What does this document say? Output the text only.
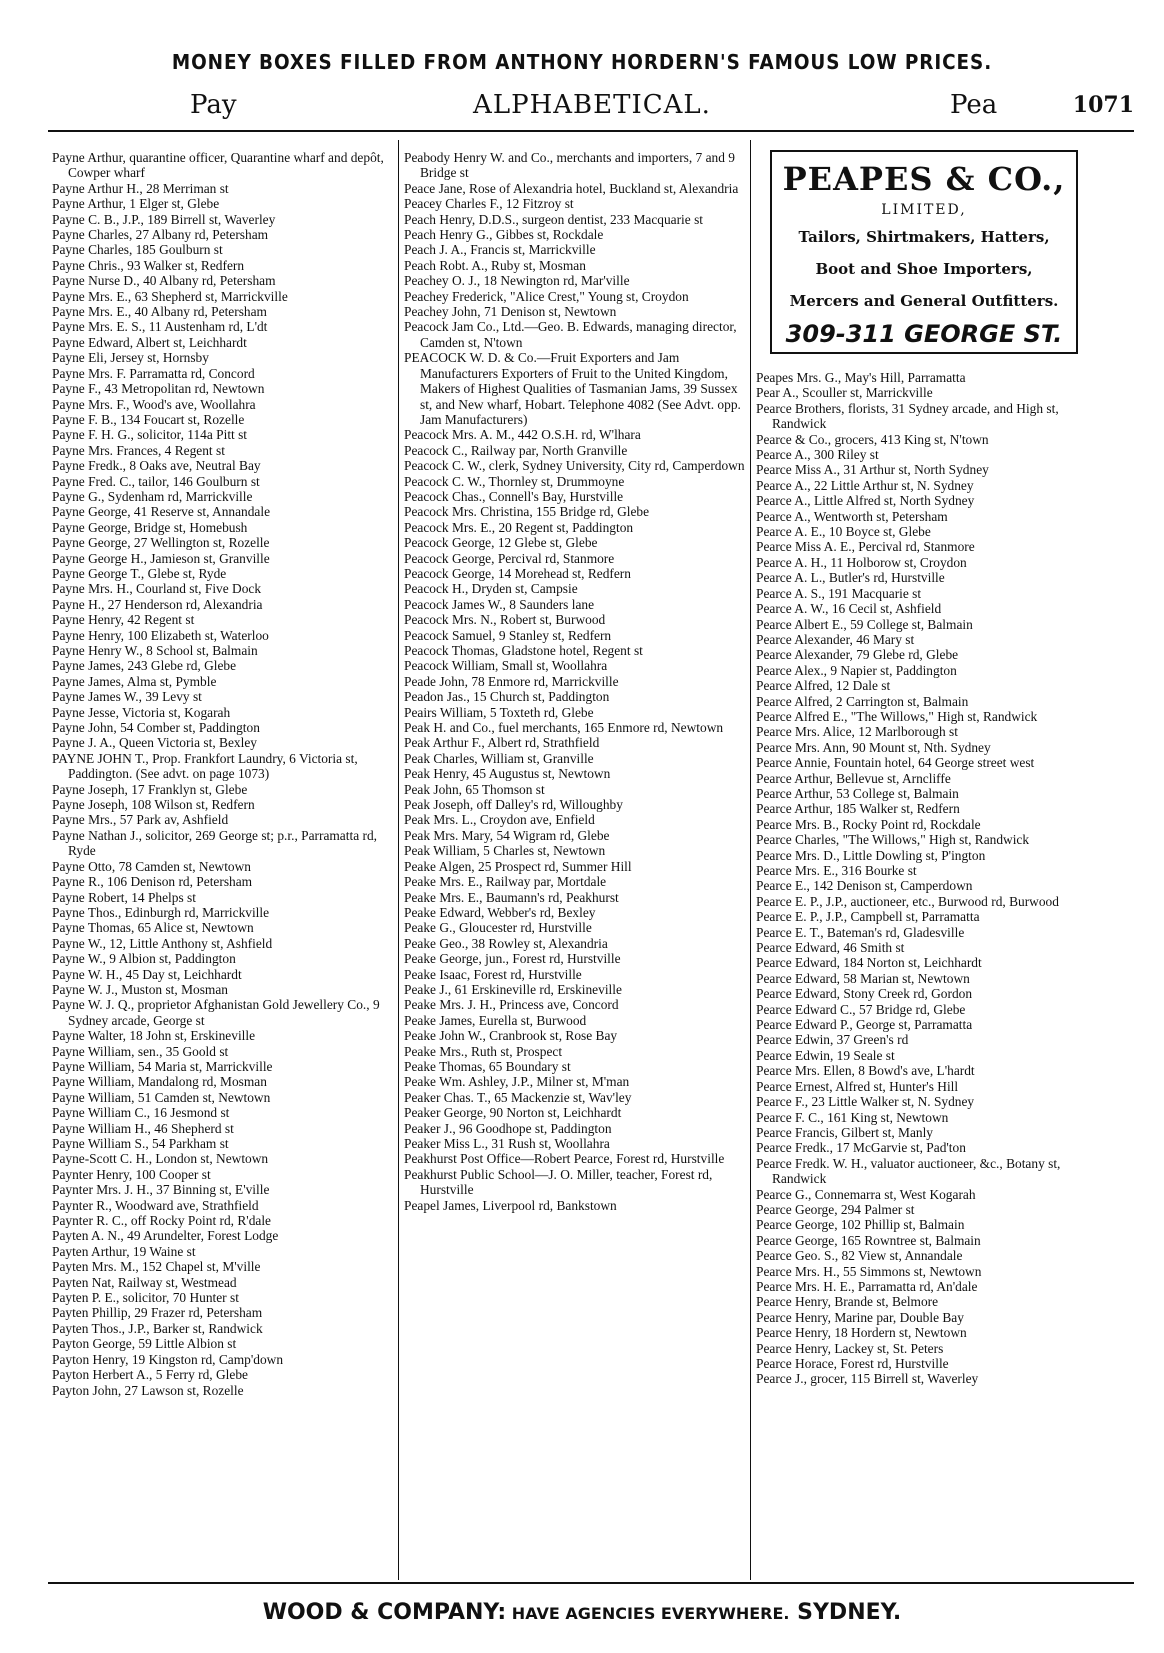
MONEY BOXES FILLED FROM ANTHONY HORDERN'S FAMOUS LOW PRICES.
Pay	ALPHABETICAL.	Pea	1071
Payne Arthur, quarantine officer, Quarantine wharf and depôt, Cowper wharf
Payne Arthur H., 28 Merriman st
Payne Arthur, 1 Elger st, Glebe
Payne C. B., J.P., 189 Birrell st, Waverley
Payne Charles, 27 Albany rd, Petersham
Payne Charles, 185 Goulburn st
Payne Chris., 93 Walker st, Redfern
Payne Nurse D., 40 Albany rd, Petersham
Payne Mrs. E., 63 Shepherd st, Marrickville
Payne Mrs. E., 40 Albany rd, Petersham
Payne Mrs. E. S., 11 Austenham rd, L'dt
Payne Edward, Albert st, Leichhardt
Payne Eli, Jersey st, Hornsby
Payne Mrs. F. Parramatta rd, Concord
Payne F., 43 Metropolitan rd, Newtown
Payne Mrs. F., Wood's ave, Woollahra
Payne F. B., 134 Foucart st, Rozelle
Payne F. H. G., solicitor, 114a Pitt st
Payne Mrs. Frances, 4 Regent st
Payne Fredk., 8 Oaks ave, Neutral Bay
Payne Fred. C., tailor, 146 Goulburn st
Payne G., Sydenham rd, Marrickville
Payne George, 41 Reserve st, Annandale
Payne George, Bridge st, Homebush
Payne George, 27 Wellington st, Rozelle
Payne George H., Jamieson st, Granville
Payne George T., Glebe st, Ryde
Payne Mrs. H., Courland st, Five Dock
Payne H., 27 Henderson rd, Alexandria
Payne Henry, 42 Regent st
Payne Henry, 100 Elizabeth st, Waterloo
Payne Henry W., 8 School st, Balmain
Payne James, 243 Glebe rd, Glebe
Payne James, Alma st, Pymble
Payne James W., 39 Levy st
Payne Jesse, Victoria st, Kogarah
Payne John, 54 Comber st, Paddington
Payne J. A., Queen Victoria st, Bexley
PAYNE JOHN T., Prop. Frankfort Laundry, 6 Victoria st, Paddington. (See advt. on page 1073)
Payne Joseph, 17 Franklyn st, Glebe
Payne Joseph, 108 Wilson st, Redfern
Payne Mrs., 57 Park av, Ashfield
Payne Nathan J., solicitor, 269 George st; p.r., Parramatta rd, Ryde
Payne Otto, 78 Camden st, Newtown
Payne R., 106 Denison rd, Petersham
Payne Robert, 14 Phelps st
Payne Thos., Edinburgh rd, Marrickville
Payne Thomas, 65 Alice st, Newtown
Payne W., 12, Little Anthony st, Ashfield
Payne W., 9 Albion st, Paddington
Payne W. H., 45 Day st, Leichhardt
Payne W. J., Muston st, Mosman
Payne W. J. Q., proprietor Afghanistan Gold Jewellery Co., 9 Sydney arcade, George st
Payne Walter, 18 John st, Erskineville
Payne William, sen., 35 Goold st
Payne William, 54 Maria st, Marrickville
Payne William, Mandalong rd, Mosman
Payne William, 51 Camden st, Newtown
Payne William C., 16 Jesmond st
Payne William H., 46 Shepherd st
Payne William S., 54 Parkham st
Payne-Scott C. H., London st, Newtown
Paynter Henry, 100 Cooper st
Paynter Mrs. J. H., 37 Binning st, E'ville
Paynter R., Woodward ave, Strathfield
Paynter R. C., off Rocky Point rd, R'dale
Payten A. N., 49 Arundelter, Forest Lodge
Payten Arthur, 19 Waine st
Payten Mrs. M., 152 Chapel st, M'ville
Payten Nat, Railway st, Westmead
Payten P. E., solicitor, 70 Hunter st
Payten Phillip, 29 Frazer rd, Petersham
Payten Thos., J.P., Barker st, Randwick
Payton George, 59 Little Albion st
Payton Henry, 19 Kingston rd, Camp'down
Payton Herbert A., 5 Ferry rd, Glebe
Payton John, 27 Lawson st, Rozelle
Peabody Henry W. and Co., merchants and importers, 7 and 9 Bridge st
Peace Jane, Rose of Alexandria hotel, Buckland st, Alexandria
Peacey Charles F., 12 Fitzroy st
Peach Henry, D.D.S., surgeon dentist, 233 Macquarie st
Peach Henry G., Gibbes st, Rockdale
Peach J. A., Francis st, Marrickville
Peach Robt. A., Ruby st, Mosman
Peachey O. J., 18 Newington rd, Mar'ville
Peachey Frederick, "Alice Crest," Young st, Croydon
Peachey John, 71 Denison st, Newtown
Peacock Jam Co., Ltd.—Geo. B. Edwards, managing director, Camden st, N'town
PEACOCK W. D. & Co.—Fruit Exporters and Jam Manufacturers Exporters of Fruit to the United Kingdom, Makers of Highest Qualities of Tasmanian Jams, 39 Sussex st, and New wharf, Hobart. Telephone 4082 (See Advt. opp. Jam Manufacturers)
Peacock Mrs. A. M., 442 O.S.H. rd, W'lhara
Peacock C., Railway par, North Granville
Peacock C. W., clerk, Sydney University, City rd, Camperdown
Peacock C. W., Thornley st, Drummoyne
Peacock Chas., Connell's Bay, Hurstville
Peacock Mrs. Christina, 155 Bridge rd, Glebe
Peacock Mrs. E., 20 Regent st, Paddington
Peacock George, 12 Glebe st, Glebe
Peacock George, Percival rd, Stanmore
Peacock George, 14 Morehead st, Redfern
Peacock H., Dryden st, Campsie
Peacock James W., 8 Saunders lane
Peacock Mrs. N., Robert st, Burwood
Peacock Samuel, 9 Stanley st, Redfern
Peacock Thomas, Gladstone hotel, Regent st
Peacock William, Small st, Woollahra
Peade John, 78 Enmore rd, Marrickville
Peadon Jas., 15 Church st, Paddington
Peairs William, 5 Toxteth rd, Glebe
Peak H. and Co., fuel merchants, 165 Enmore rd, Newtown
Peak Arthur F., Albert rd, Strathfield
Peak Charles, William st, Granville
Peak Henry, 45 Augustus st, Newtown
Peak John, 65 Thomson st
Peak Joseph, off Dalley's rd, Willoughby
Peak Mrs. L., Croydon ave, Enfield
Peak Mrs. Mary, 54 Wigram rd, Glebe
Peak William, 5 Charles st, Newtown
Peake Algen, 25 Prospect rd, Summer Hill
Peake Mrs. E., Railway par, Mortdale
Peake Mrs. E., Baumann's rd, Peakhurst
Peake Edward, Webber's rd, Bexley
Peake G., Gloucester rd, Hurstville
Peake Geo., 38 Rowley st, Alexandria
Peake George, jun., Forest rd, Hurstville
Peake Isaac, Forest rd, Hurstville
Peake J., 61 Erskineville rd, Erskineville
Peake Mrs. J. H., Princess ave, Concord
Peake James, Eurella st, Burwood
Peake John W., Cranbrook st, Rose Bay
Peake Mrs., Ruth st, Prospect
Peake Thomas, 65 Boundary st
Peake Wm. Ashley, J.P., Milner st, M'man
Peaker Chas. T., 65 Mackenzie st, Wav'ley
Peaker George, 90 Norton st, Leichhardt
Peaker J., 96 Goodhope st, Paddington
Peaker Miss L., 31 Rush st, Woollahra
Peakhurst Post Office—Robert Pearce, Forest rd, Hurstville
Peakhurst Public School—J. O. Miller, teacher, Forest rd, Hurstville
Peapel James, Liverpool rd, Bankstown
PEAPES & CO.,
LIMITED,
Tailors, Shirtmakers, Hatters,
Boot and Shoe Importers,
Mercers and General Outfitters.
309-311 GEORGE ST.
Peapes Mrs. G., May's Hill, Parramatta
Pear A., Scouller st, Marrickville
Pearce Brothers, florists, 31 Sydney arcade, and High st, Randwick
Pearce & Co., grocers, 413 King st, N'town
Pearce A., 300 Riley st
Pearce Miss A., 31 Arthur st, North Sydney
Pearce A., 22 Little Arthur st, N. Sydney
Pearce A., Little Alfred st, North Sydney
Pearce A., Wentworth st, Petersham
Pearce A. E., 10 Boyce st, Glebe
Pearce Miss A. E., Percival rd, Stanmore
Pearce A. H., 11 Holborow st, Croydon
Pearce A. L., Butler's rd, Hurstville
Pearce A. S., 191 Macquarie st
Pearce A. W., 16 Cecil st, Ashfield
Pearce Albert E., 59 College st, Balmain
Pearce Alexander, 46 Mary st
Pearce Alexander, 79 Glebe rd, Glebe
Pearce Alex., 9 Napier st, Paddington
Pearce Alfred, 12 Dale st
Pearce Alfred, 2 Carrington st, Balmain
Pearce Alfred E., "The Willows," High st, Randwick
Pearce Mrs. Alice, 12 Marlborough st
Pearce Mrs. Ann, 90 Mount st, Nth. Sydney
Pearce Annie, Fountain hotel, 64 George street west
Pearce Arthur, Bellevue st, Arncliffe
Pearce Arthur, 53 College st, Balmain
Pearce Arthur, 185 Walker st, Redfern
Pearce Mrs. B., Rocky Point rd, Rockdale
Pearce Charles, "The Willows," High st, Randwick
Pearce Mrs. D., Little Dowling st, P'ington
Pearce Mrs. E., 316 Bourke st
Pearce E., 142 Denison st, Camperdown
Pearce E. P., J.P., auctioneer, etc., Burwood rd, Burwood
Pearce E. P., J.P., Campbell st, Parramatta
Pearce E. T., Bateman's rd, Gladesville
Pearce Edward, 46 Smith st
Pearce Edward, 184 Norton st, Leichhardt
Pearce Edward, 58 Marian st, Newtown
Pearce Edward, Stony Creek rd, Gordon
Pearce Edward C., 57 Bridge rd, Glebe
Pearce Edward P., George st, Parramatta
Pearce Edwin, 37 Green's rd
Pearce Edwin, 19 Seale st
Pearce Mrs. Ellen, 8 Bowd's ave, L'hardt
Pearce Ernest, Alfred st, Hunter's Hill
Pearce F., 23 Little Walker st, N. Sydney
Pearce F. C., 161 King st, Newtown
Pearce Francis, Gilbert st, Manly
Pearce Fredk., 17 McGarvie st, Pad'ton
Pearce Fredk. W. H., valuator auctioneer, &c., Botany st, Randwick
Pearce G., Connemarra st, West Kogarah
Pearce George, 294 Palmer st
Pearce George, 102 Phillip st, Balmain
Pearce George, 165 Rowntree st, Balmain
Pearce Geo. S., 82 View st, Annandale
Pearce Mrs. H., 55 Simmons st, Newtown
Pearce Mrs. H. E., Parramatta rd, An'dale
Pearce Henry, Brande st, Belmore
Pearce Henry, Marine par, Double Bay
Pearce Henry, 18 Hordern st, Newtown
Pearce Henry, Lackey st, St. Peters
Pearce Horace, Forest rd, Hurstville
Pearce J., grocer, 115 Birrell st, Waverley
WOOD & COMPANY: HAVE AGENCIES EVERYWHERE. SYDNEY.
